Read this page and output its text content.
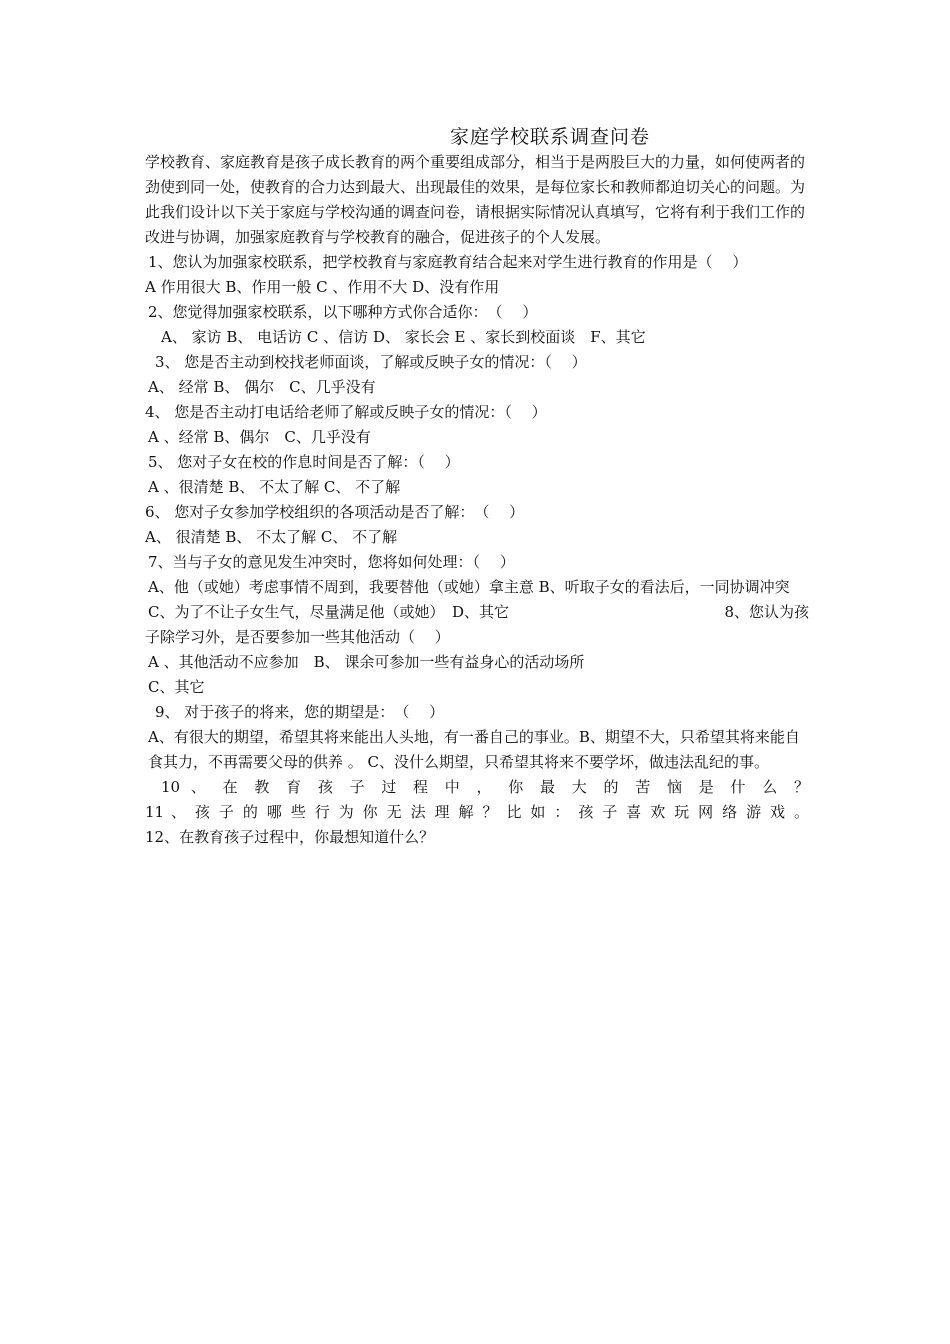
家庭学校联系调查问卷

学校教育、家庭教育是孩子成长教育的两个重要组成部分，相当于是两股巨大的力量，如何使两者的劲使到同一处，使教育的合力达到最大、出现最佳的效果，是每位家长和教师都迫切关心的问题。为此我们设计以下关于家庭与学校沟通的调查问卷，请根据实际情况认真填写，它将有利于我们工作的改进与协调，加强家庭教育与学校教育的融合，促进孩子的个人发展。

1、您认为加强家校联系，把学校教育与家庭教育结合起来对学生进行教育的作用是（　 ）

A 作用很大 B、作用一般 C 、作用不大 D、没有作用

2、您觉得加强家校联系，以下哪种方式你合适你：　（　 ）

A、 家访 B、 电话访 C 、信访 D、 家长会 E 、家长到校面谈　F、其它

3、 您是否主动到校找老师面谈，了解或反映子女的情况：（　 ）

A、 经常 B、 偶尔　C、几乎没有

4、 您是否主动打电话给老师了解或反映子女的情况：（　 ）

A 、经常 B、偶尔　C、几乎没有

5、 您对子女在校的作息时间是否了解：（　 ）

A 、很清楚 B、 不太了解 C、 不了解

6、 您对子女参加学校组织的各项活动是否了解：　（　 ）

A、 很清楚 B、 不太了解 C、 不了解

7、当与子女的意见发生冲突时，您将如何处理：（　 ）

A、他（或她）考虑事情不周到，我要替他（或她）拿主意 B、听取子女的看法后，一同协调冲突

C、为了不让子女生气，尽量满足他（或她）　D、其它	8、您认为孩

子除学习外，是否要参加一些其他活动（　 ）

A 、其他活动不应参加　B、 课余可参加一些有益身心的活动场所

C、其它

9、 对于孩子的将来，您的期望是：　（　 ）

A、有很大的期望，希望其将来能出人头地，有一番自己的事业。B、期望不大，只希望其将来能自食其力，不再需要父母的供养 。 C、没什么期望，只希望其将来不要学坏，做违法乱纪的事。

10 、 在 教 育 孩 子 过 程 中 ， 你 最 大 的 苦 恼 是 什 么 ？

11 、 孩 子 的 哪 些 行 为 你 无 法 理 解 ？ 比 如 ： 孩 子 喜 欢 玩 网 络 游 戏 。

12、在教育孩子过程中，你最想知道什么？
